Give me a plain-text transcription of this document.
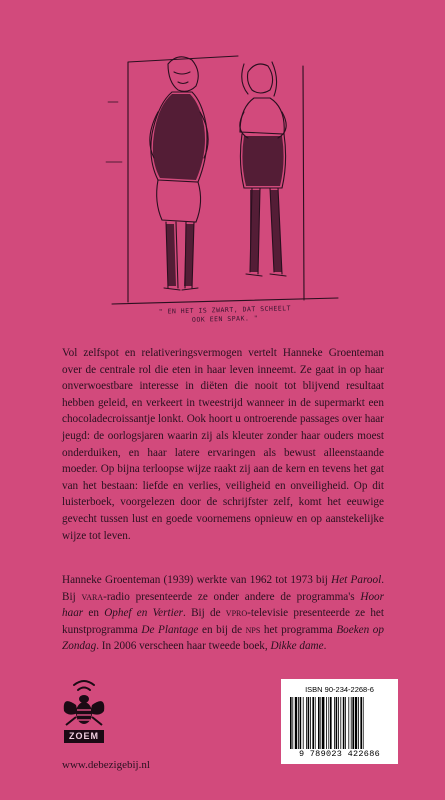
" EN HET IS ZWART, DAT SCHEELT
OOK EEN SPAK. "

Vol zelfspot en relativeringsvermogen vertelt Hanneke Groenteman over de centrale rol die eten in haar leven inneemt. Ze gaat in op haar onverwoestbare interesse in diëten die nooit tot blijvend resultaat hebben geleid, en verkeert in tweestrijd wanneer in de supermarkt een chocoladecroissantje lonkt. Ook hoort u ontroerende passages over haar jeugd: de oorlogsjaren waarin zij als kleuter zonder haar ouders moest onderduiken, en haar latere ervaringen als bewust alleenstaande moeder. Op bijna terloopse wijze raakt zij aan de kern en tevens het gat van het bestaan: liefde en verlies, veiligheid en onveiligheid. Op dit luisterboek, voorgelezen door de schrijfster zelf, komt het eeuwige gevecht tussen lust en goede voornemens opnieuw en op aanstekelijke wijze tot leven.

Hanneke Groenteman (1939) werkte van 1962 tot 1973 bij Het Parool. Bij vara-radio presenteerde ze onder andere de programma's Hoor haar en Ophef en Vertier. Bij de vpro-televisie presenteerde ze het kunstprogramma De Plantage en bij de nps het programma Boeken op Zondag. In 2006 verscheen haar tweede boek, Dikke dame.

ZOEM
www.debezigebij.nl
ISBN 90-234-2268-6
9 789023 422686
